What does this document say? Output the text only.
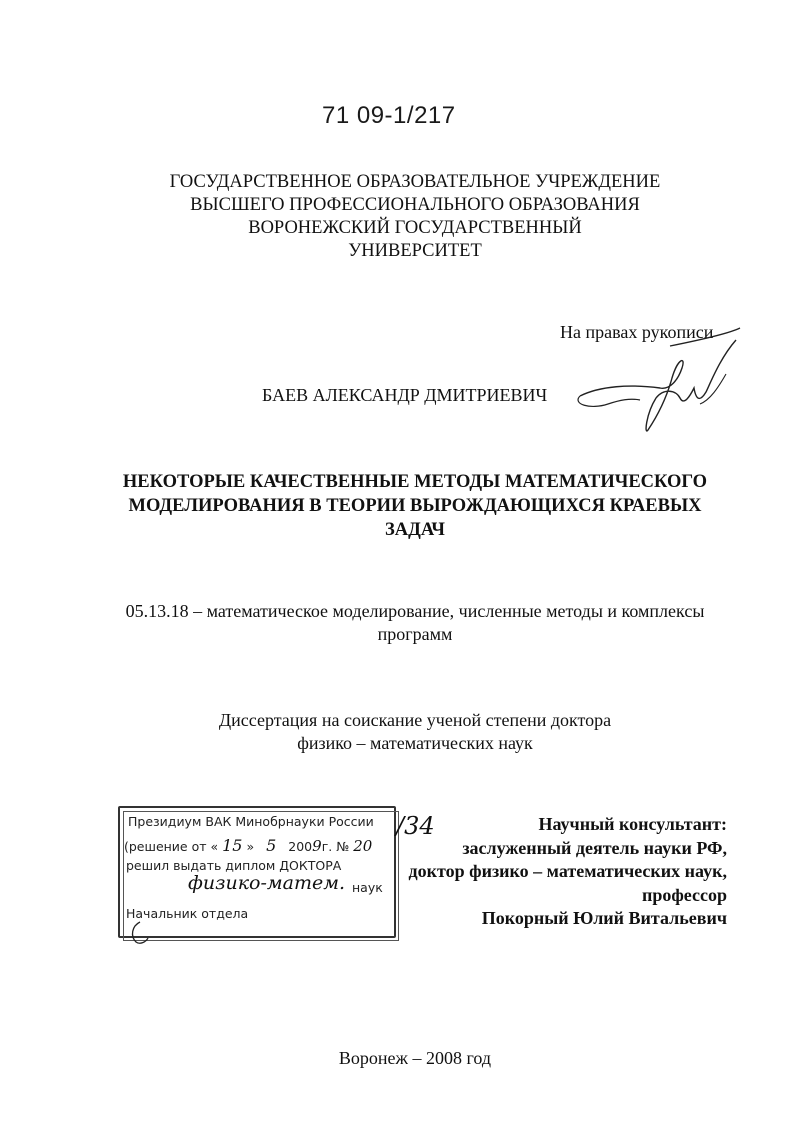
71 09-1/217
ГОСУДАРСТВЕННОЕ ОБРАЗОВАТЕЛЬНОЕ УЧРЕЖДЕНИЕ
ВЫСШЕГО ПРОФЕССИОНАЛЬНОГО ОБРАЗОВАНИЯ
ВОРОНЕЖСКИЙ ГОСУДАРСТВЕННЫЙ
УНИВЕРСИТЕТ
На правах рукописи
БАЕВ АЛЕКСАНДР ДМИТРИЕВИЧ
НЕКОТОРЫЕ КАЧЕСТВЕННЫЕ МЕТОДЫ МАТЕМАТИЧЕСКОГО
МОДЕЛИРОВАНИЯ В ТЕОРИИ ВЫРОЖДАЮЩИХСЯ КРАЕВЫХ
ЗАДАЧ
05.13.18 – математическое моделирование, численные методы и комплексы
программ
Диссертация на соискание ученой степени доктора
физико – математических наук
Президиум ВАК Минобрнауки России
(решение от « 15 » 5 2009г. № 20
/34
решил выдать диплом ДОКТОРА
физико-матем. наук
Начальник отдела
Научный консультант:
заслуженный деятель науки РФ,
доктор физико – математических наук,
профессор
Покорный Юлий Витальевич
Воронеж – 2008 год
